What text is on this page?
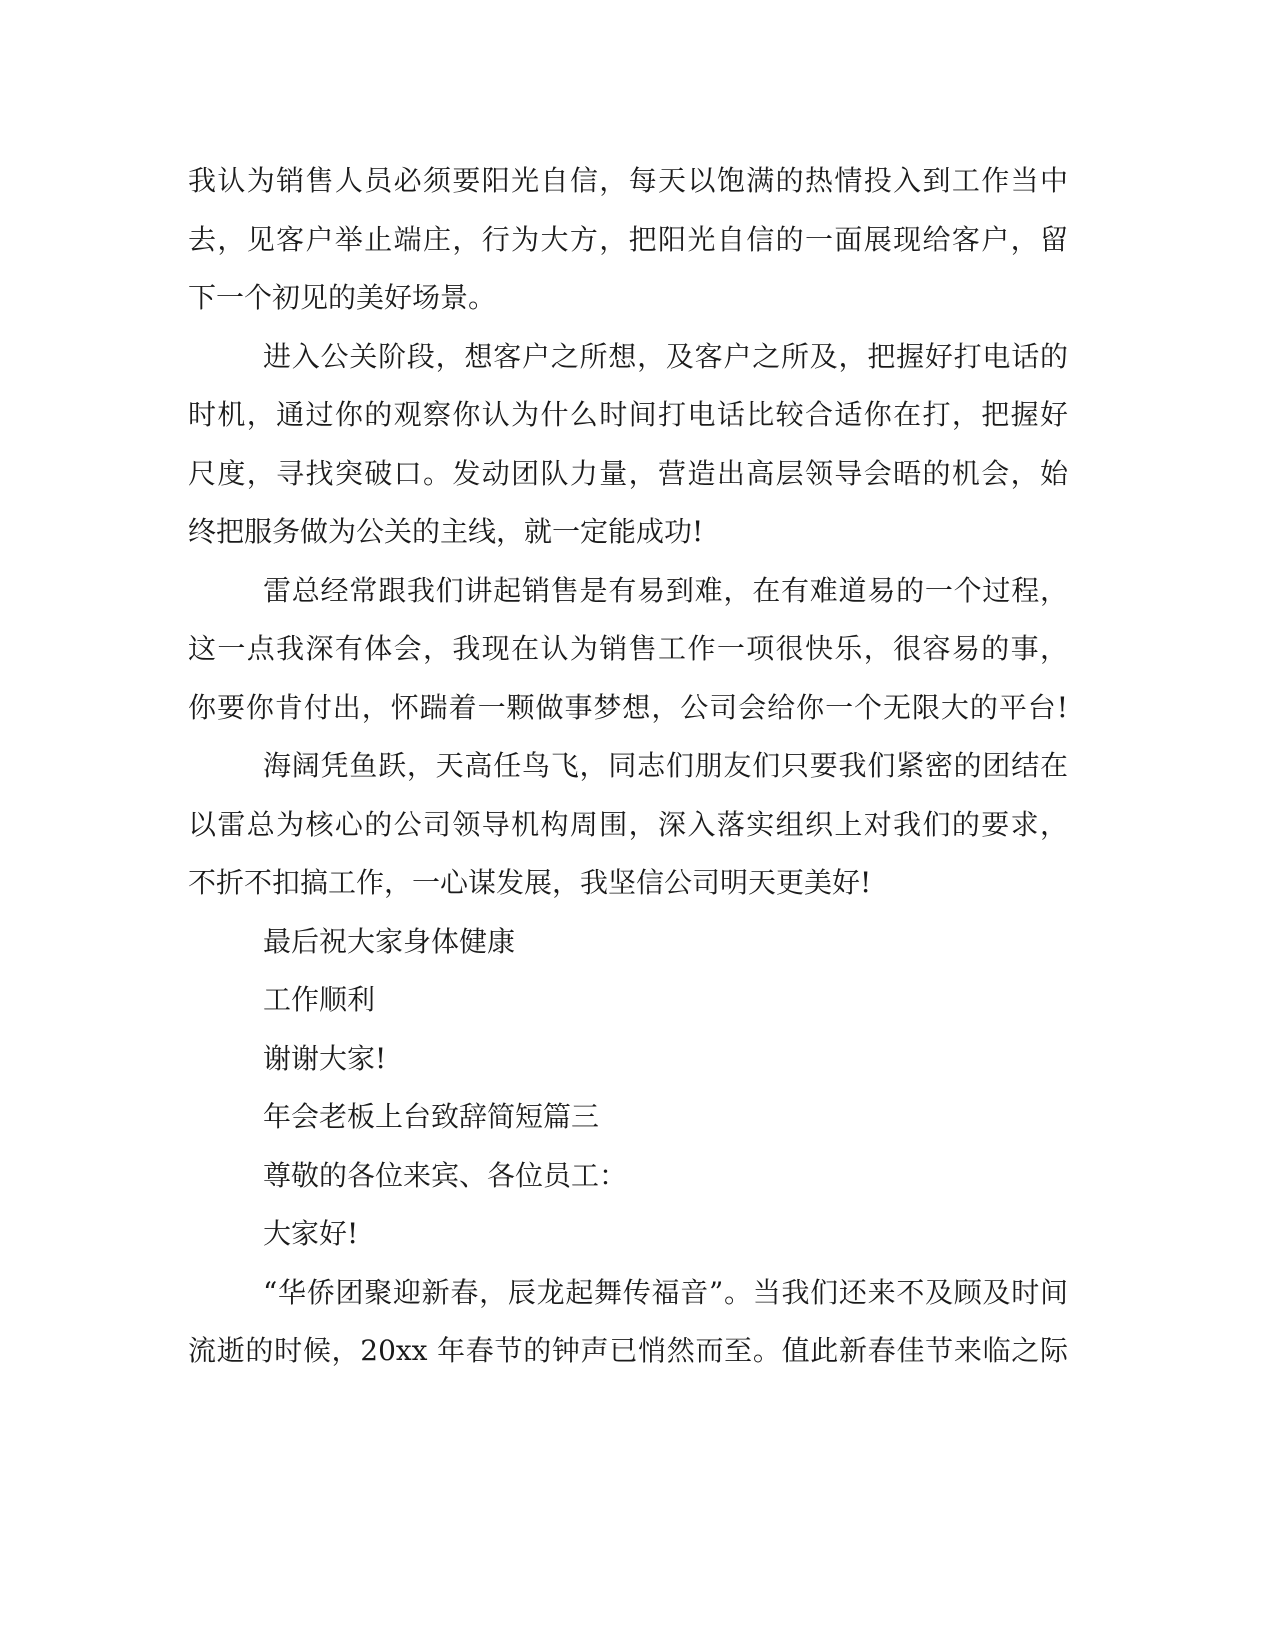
我认为销售人员必须要阳光自信，每天以饱满的热情投入到工作当中
去，见客户举止端庄，行为大方，把阳光自信的一面展现给客户，留
下一个初见的美好场景。
进入公关阶段，想客户之所想，及客户之所及，把握好打电话的
时机，通过你的观察你认为什么时间打电话比较合适你在打，把握好
尺度，寻找突破口。发动团队力量，营造出高层领导会晤的机会，始
终把服务做为公关的主线，就一定能成功!
雷总经常跟我们讲起销售是有易到难，在有难道易的一个过程，
这一点我深有体会，我现在认为销售工作一项很快乐，很容易的事，
你要你肯付出，怀踹着一颗做事梦想，公司会给你一个无限大的平台!
海阔凭鱼跃，天高任鸟飞，同志们朋友们只要我们紧密的团结在
以雷总为核心的公司领导机构周围，深入落实组织上对我们的要求，
不折不扣搞工作，一心谋发展，我坚信公司明天更美好!
最后祝大家身体健康
工作顺利
谢谢大家!
年会老板上台致辞简短篇三
尊敬的各位来宾、各位员工：
大家好!
“华侨团聚迎新春，辰龙起舞传福音”。当我们还来不及顾及时间
流逝的时候，20xx 年春节的钟声已悄然而至。值此新春佳节来临之际
